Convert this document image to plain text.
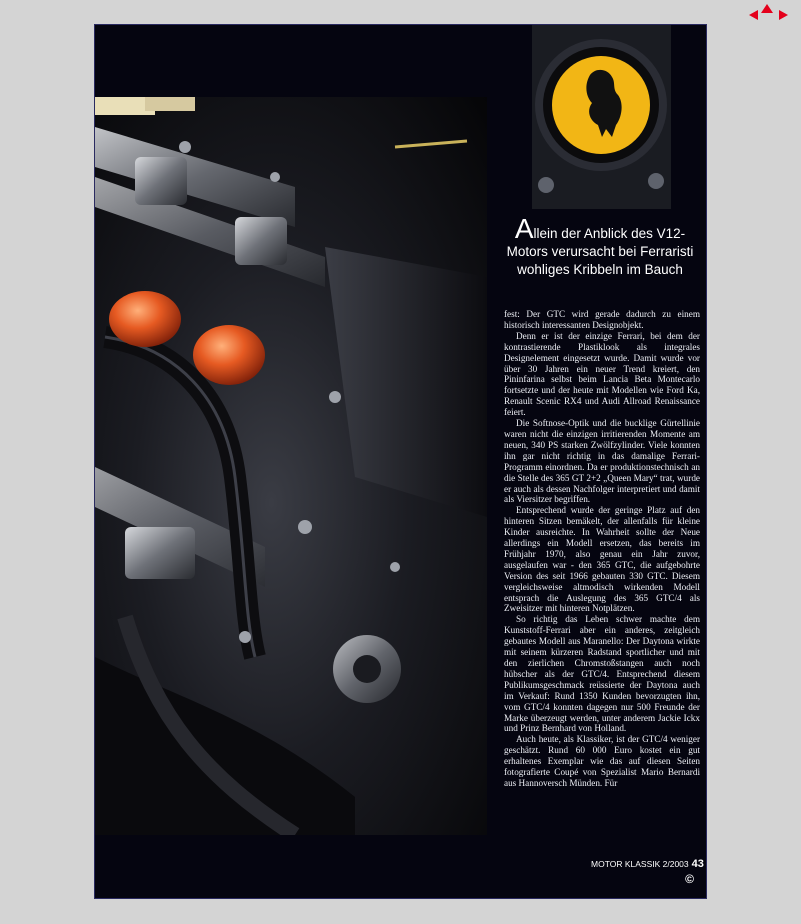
Allein der Anblick des V12-
Motors verursacht bei Ferraristi
wohliges Kribbeln im Bauch

fest: Der GTC wird gerade dadurch zu einem historisch interessanten Designobjekt.

Denn er ist der einzige Ferrari, bei dem der kontrastierende Plastiklook als integrales Designelement eingesetzt wurde. Damit wurde vor über 30 Jahren ein neuer Trend kreiert, den Pininfarina selbst beim Lancia Beta Montecarlo fortsetzte und der heute mit Modellen wie Ford Ka, Renault Scenic RX4 und Audi Allroad Renaissance feiert.

Die Softnose-Optik und die bucklige Gürtellinie waren nicht die einzigen irritierenden Momente am neuen, 340 PS starken Zwölfzylinder. Viele konnten ihn gar nicht richtig in das damalige Ferrari-Programm einordnen. Da er produktionstechnisch an die Stelle des 365 GT 2+2 „Queen Mary“ trat, wurde er auch als dessen Nachfolger interpretiert und damit als Viersitzer begriffen.

Entsprechend wurde der geringe Platz auf den hinteren Sitzen bemäkelt, der allenfalls für kleine Kinder ausreichte. In Wahrheit sollte der Neue allerdings ein Modell ersetzen, das bereits im Frühjahr 1970, also genau ein Jahr zuvor, ausgelaufen war - den 365 GTC, die aufgebohrte Version des seit 1966 gebauten 330 GTC. Diesem vergleichsweise altmodisch wirkenden Modell entsprach die Auslegung des 365 GTC/4 als Zweisitzer mit hinteren Notplätzen.

So richtig das Leben schwer machte dem Kunststoff-Ferrari aber ein anderes, zeitgleich gebautes Modell aus Maranello: Der Daytona wirkte mit seinem kürzeren Radstand sportlicher und mit den zierlichen Chromstoßstangen auch noch hübscher als der GTC/4. Entsprechend diesem Publikumsgeschmack reüssierte der Daytona auch im Verkauf: Rund 1350 Kunden bevorzugten ihn, vom GTC/4 konnten dagegen nur 500 Freunde der Marke überzeugt werden, unter anderem Jackie Ickx und Prinz Bernhard von Holland.

Auch heute, als Klassiker, ist der GTC/4 weniger geschätzt. Rund 60 000 Euro kostet ein gut erhaltenes Exemplar wie das auf diesen Seiten fotografierte Coupé von Spezialist Mario Bernardi aus Hannoversch Münden. Für

MOTOR KLASSIK 2/2003 43
©
